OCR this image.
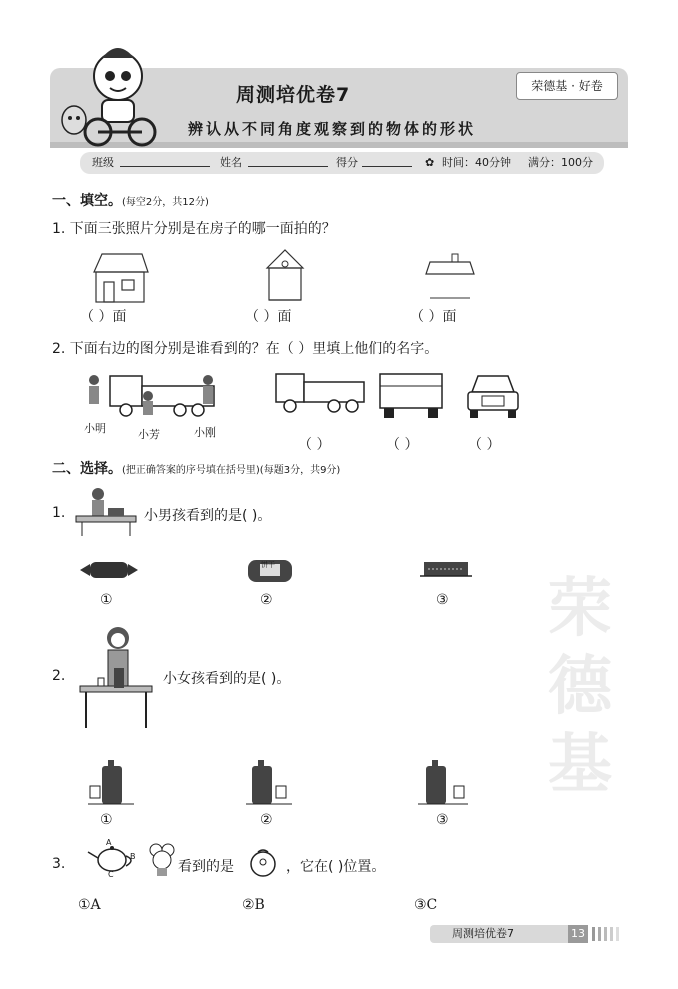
荣德基
周测培优卷7
辨认从不同角度观察到的物体的形状
荣德基 · 好卷
班级	姓名	得分	✿ 时间：40分钟 满分：100分
一、填空。(每空2分，共12分)
1. 下面三张照片分别是在房子的哪一面拍的？
（ ）面	（ ）面	（ ）面
2. 下面右边的图分别是谁看到的？在（ ）里填上他们的名字。
小明	小芳	小刚
（ ）	（ ）	（ ）
二、选择。(把正确答案的序号填在括号里)(每题3分，共9分)
1.	小男孩看到的是( )。
饼干
①	②	③
2.	小女孩看到的是( )。
①	②	③
3.
A
B
C	看到的是	，它在( )位置。
①A	②B	③C
周测培优卷7	13
